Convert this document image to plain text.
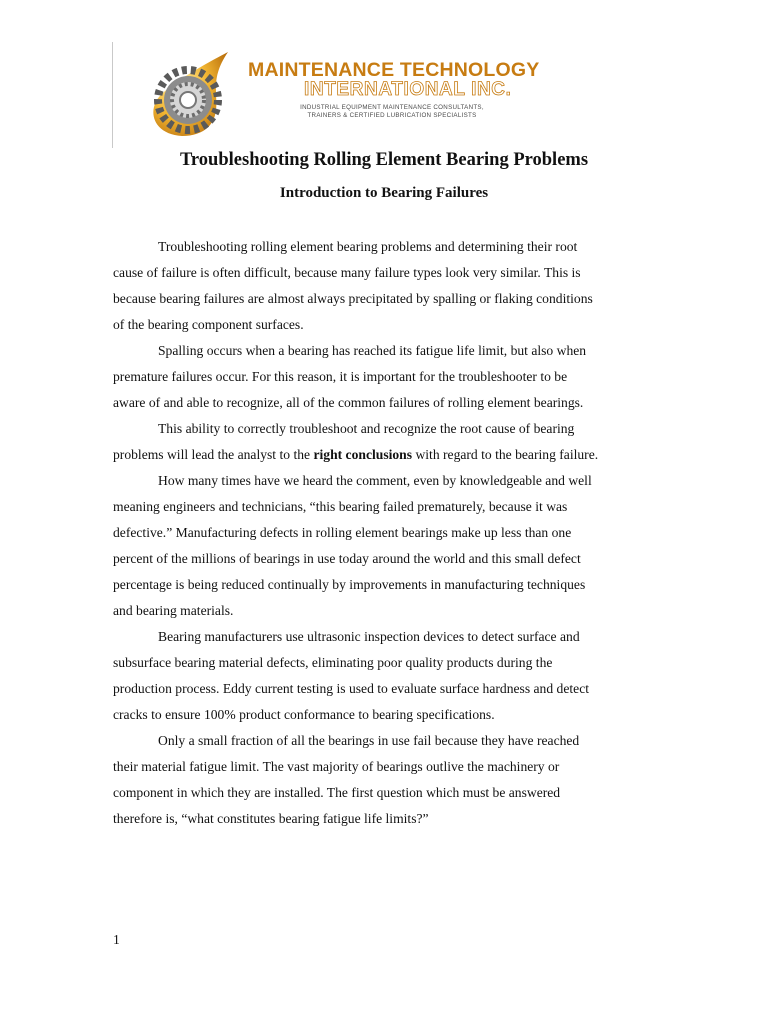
MAINTENANCE TECHNOLOGY
INTERNATIONAL INC.

INDUSTRIAL EQUIPMENT MAINTENANCE CONSULTANTS,
TRAINERS & CERTIFIED LUBRICATION SPECIALISTS

Troubleshooting Rolling Element Bearing Problems
Introduction to Bearing Failures

Troubleshooting rolling element bearing problems and determining their root
cause of failure is often difficult, because many failure types look very similar. This is
because bearing failures are almost always precipitated by spalling or flaking conditions
of the bearing component surfaces.

Spalling occurs when a bearing has reached its fatigue life limit, but also when
premature failures occur. For this reason, it is important for the troubleshooter to be
aware of and able to recognize, all of the common failures of rolling element bearings.

This ability to correctly troubleshoot and recognize the root cause of bearing
problems will lead the analyst to the right conclusions with regard to the bearing failure.

How many times have we heard the comment, even by knowledgeable and well
meaning engineers and technicians, “this bearing failed prematurely, because it was
defective.” Manufacturing defects in rolling element bearings make up less than one
percent of the millions of bearings in use today around the world and this small defect
percentage is being reduced continually by improvements in manufacturing techniques
and bearing materials.

Bearing manufacturers use ultrasonic inspection devices to detect surface and
subsurface bearing material defects, eliminating poor quality products during the
production process. Eddy current testing is used to evaluate surface hardness and detect
cracks to ensure 100% product conformance to bearing specifications.

Only a small fraction of all the bearings in use fail because they have reached
their material fatigue limit. The vast majority of bearings outlive the machinery or
component in which they are installed. The first question which must be answered
therefore is, “what constitutes bearing fatigue life limits?”

1
